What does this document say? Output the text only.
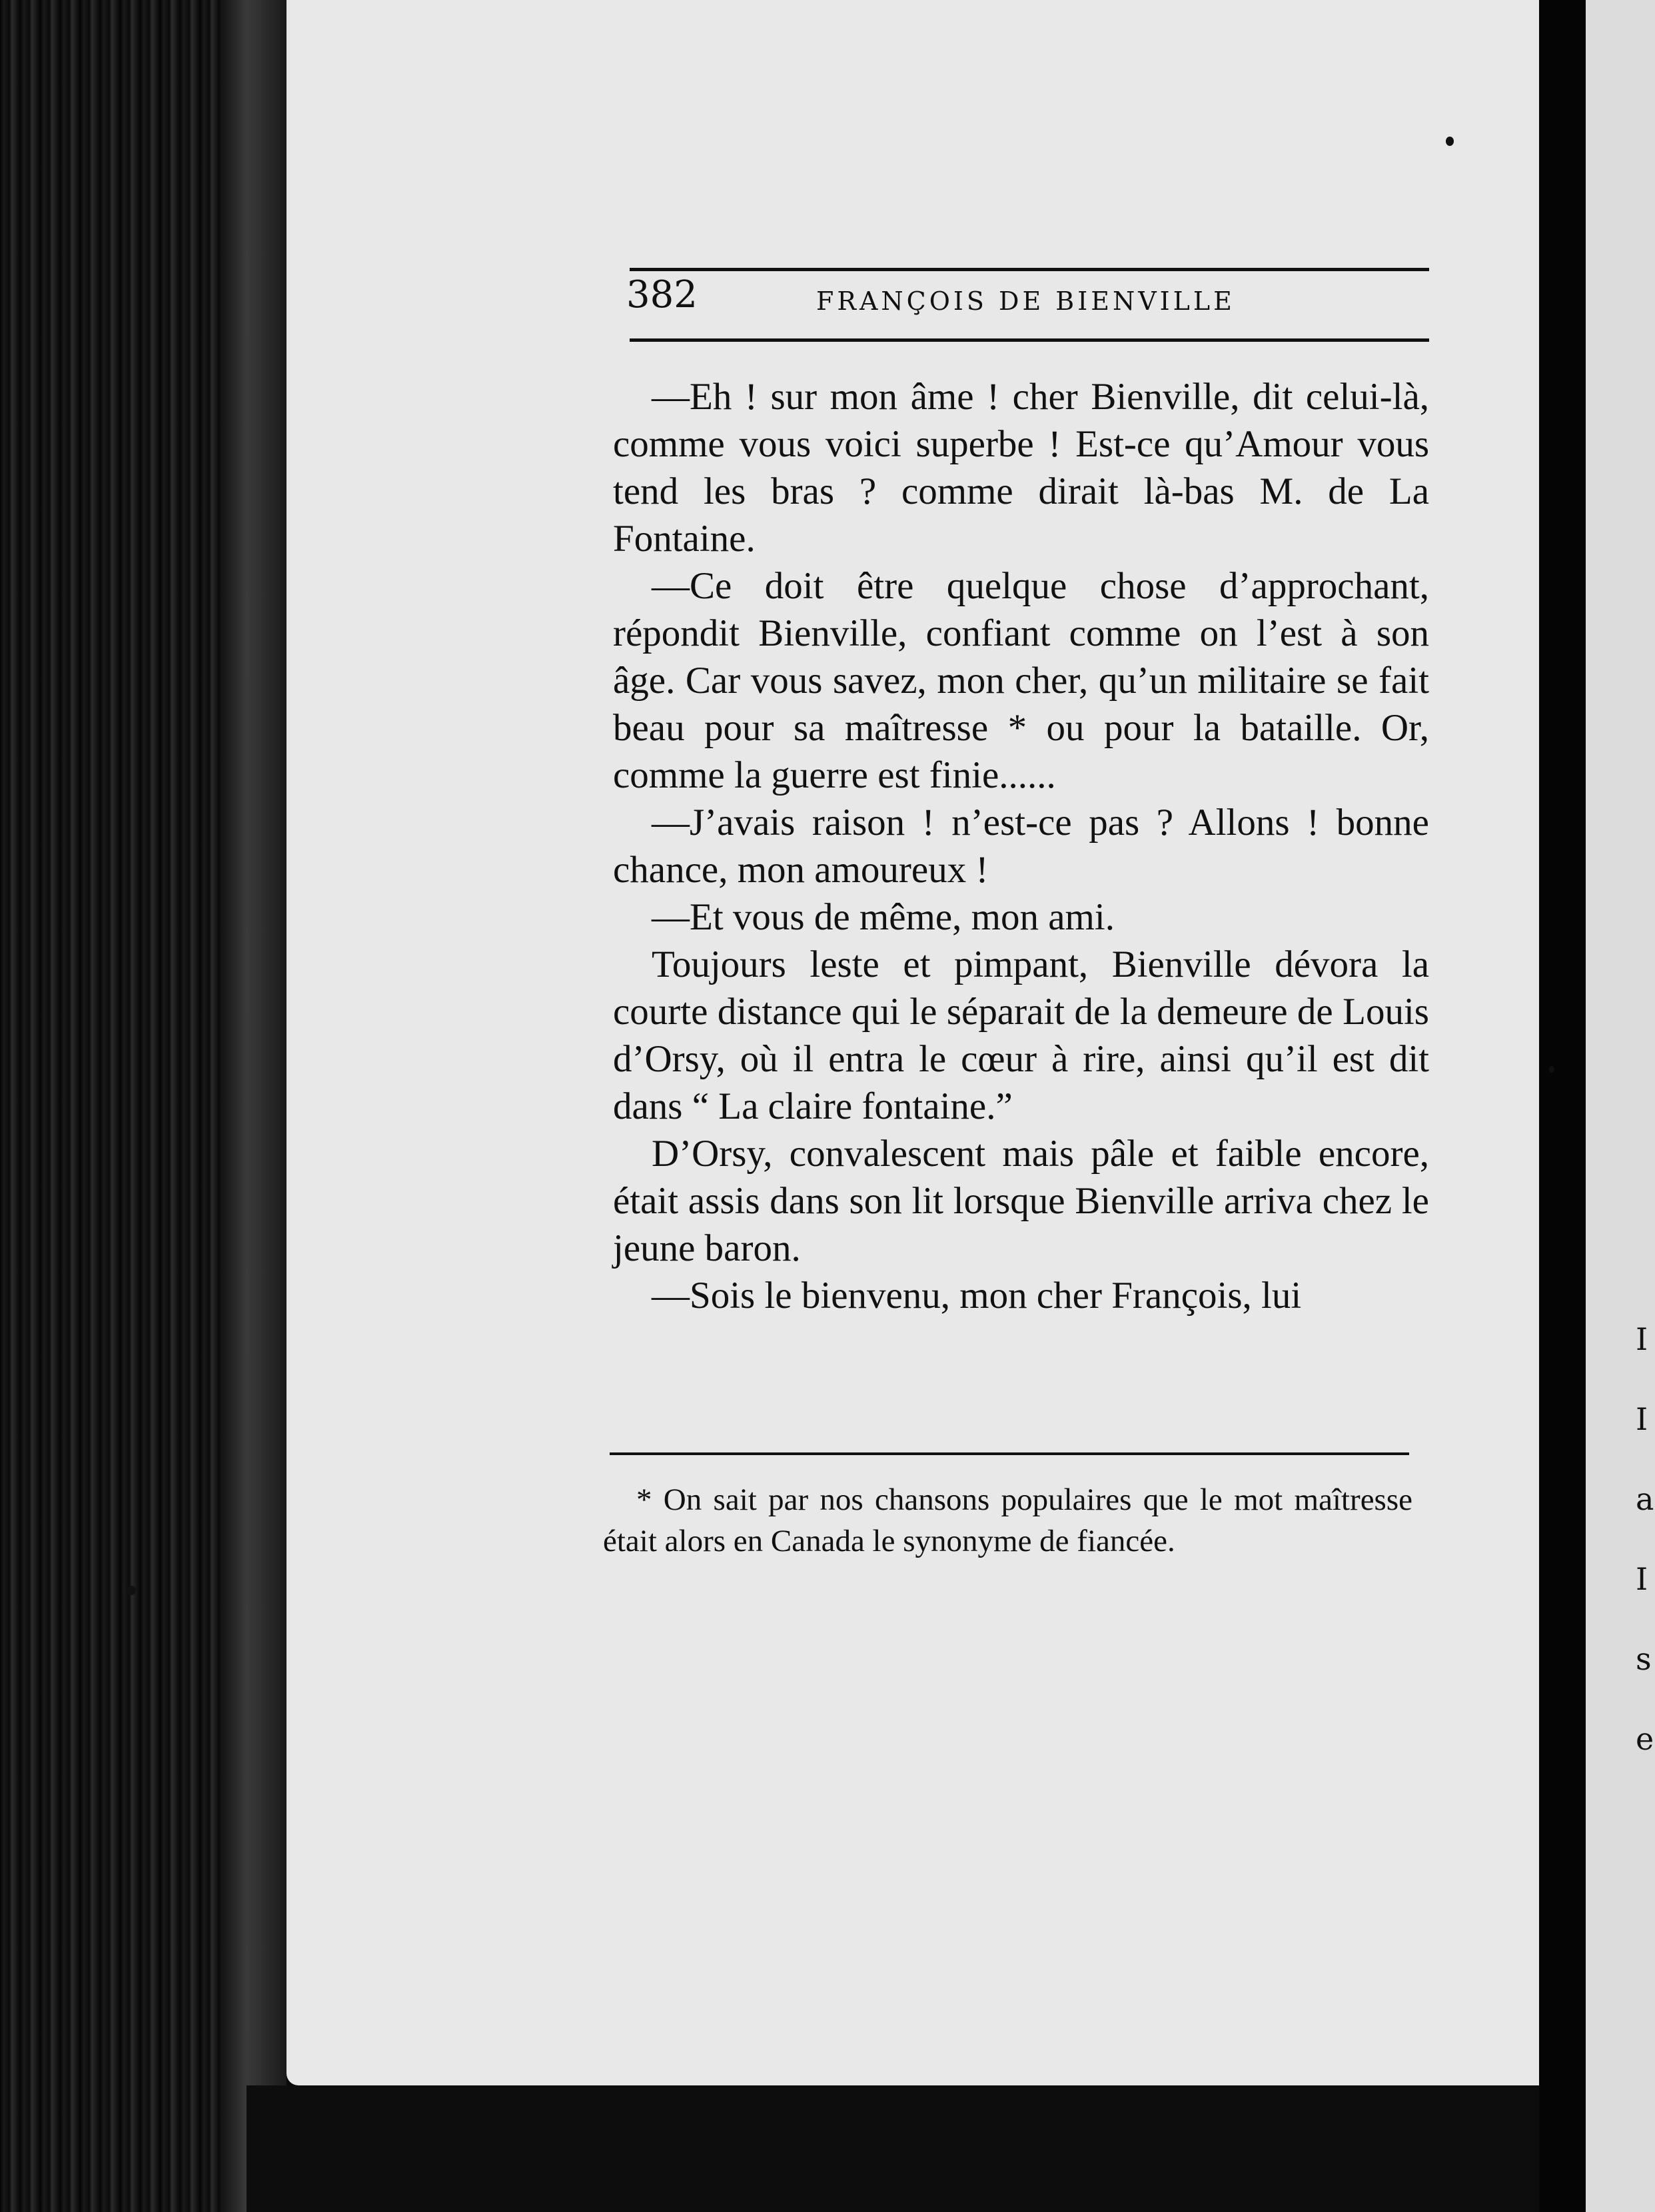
I I a I s e
382	FRANÇOIS DE BIENVILLE

—Eh ! sur mon âme ! cher Bienville, dit celui-là, comme vous voici superbe ! Est-ce qu’Amour vous tend les bras ? comme dirait là-bas M. de La Fontaine.

—Ce doit être quelque chose d’approchant, répondit Bienville, confiant comme on l’est à son âge. Car vous savez, mon cher, qu’un militaire se fait beau pour sa maîtresse * ou pour la bataille. Or, comme la guerre est finie......

—J’avais raison ! n’est-ce pas ? Allons ! bonne chance, mon amoureux !

—Et vous de même, mon ami.

Toujours leste et pimpant, Bienville dévora la courte distance qui le séparait de la demeure de Louis d’Orsy, où il entra le cœur à rire, ainsi qu’il est dit dans “ La claire fontaine.”

D’Orsy, convalescent mais pâle et faible encore, était assis dans son lit lorsque Bienville arriva chez le jeune baron.

—Sois le bienvenu, mon cher François, lui

* On sait par nos chansons populaires que le mot maîtresse était alors en Canada le synonyme de fiancée.
